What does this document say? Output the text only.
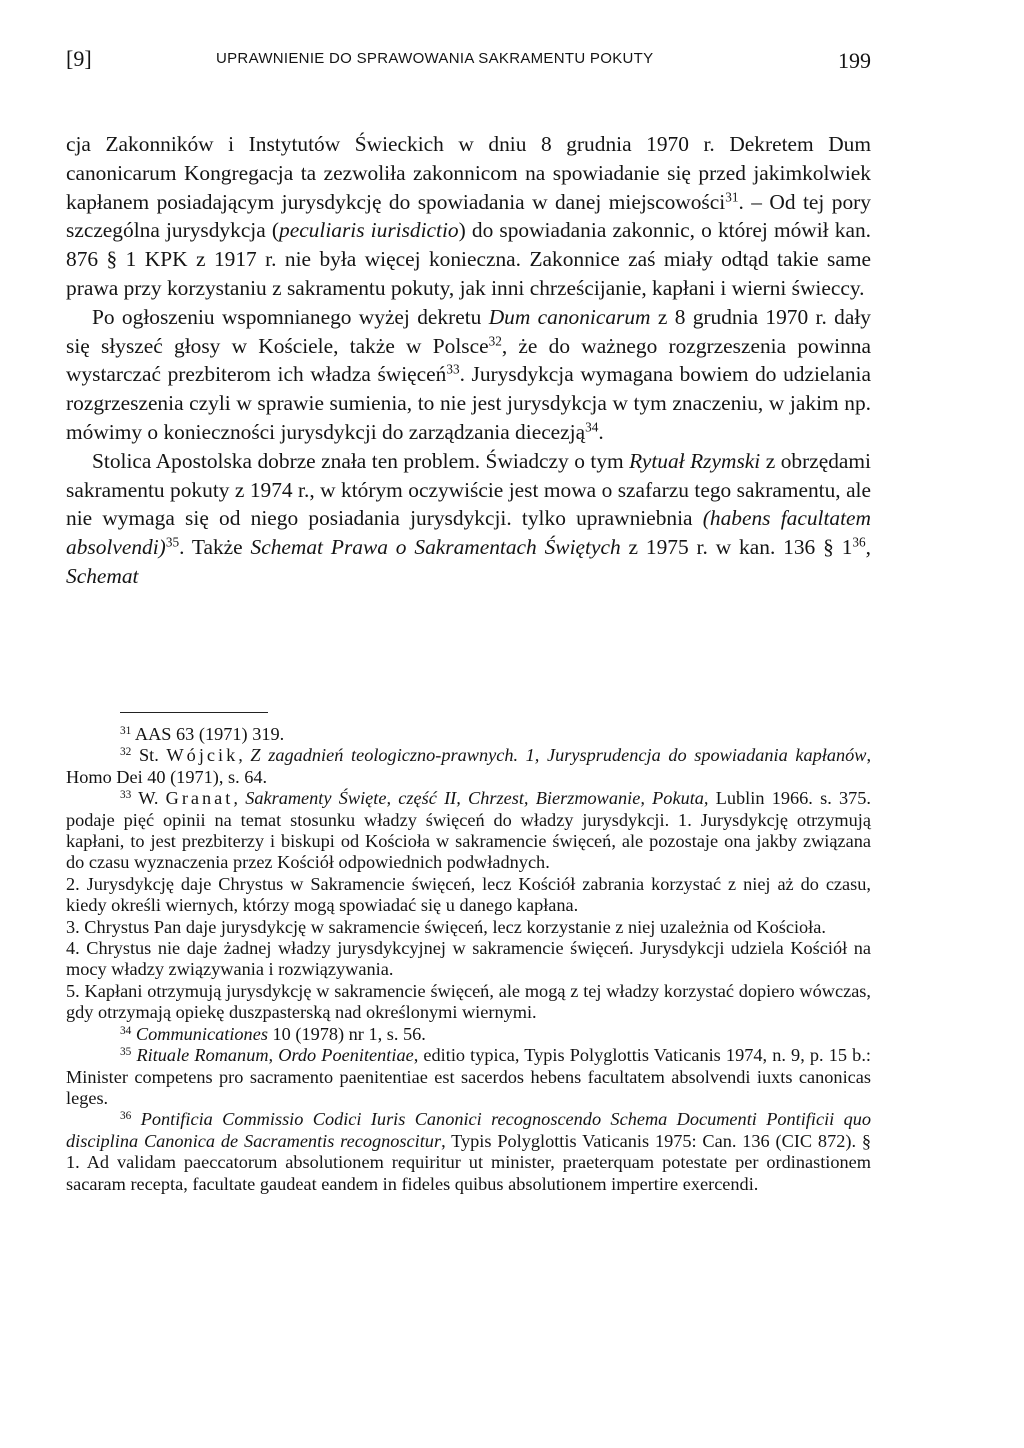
[9]	UPRAWNIENIE DO SPRAWOWANIA SAKRAMENTU POKUTY	199

cja Zakonników i Instytutów Świeckich w dniu 8 grudnia 1970 r. Dekretem Dum canonicarum Kongregacja ta zezwoliła zakonnicom na spowiadanie się przed jakimkolwiek kapłanem posiadającym jurysdykcję do spowiadania w danej miejscowości$^{31}$. – Od tej pory szczególna jurysdykcja (peculiaris iurisdictio) do spowiadania zakonnic, o której mówił kan. 876 § 1 KPK z 1917 r. nie była więcej konieczna. Zakonnice zaś miały odtąd takie same prawa przy korzystaniu z sakramentu pokuty, jak inni chrześcijanie, kapłani i wierni świeccy.

Po ogłoszeniu wspomnianego wyżej dekretu Dum canonicarum z 8 grudnia 1970 r. dały się słyszeć głosy w Kościele, także w Polsce$^{32}$, że do ważnego rozgrzeszenia powinna wystarczać prezbiterom ich władza święceń$^{33}$. Jurysdykcja wymagana bowiem do udzielania rozgrzeszenia czyli w sprawie sumienia, to nie jest jurysdykcja w tym znaczeniu, w jakim np. mówimy o konieczności jurysdykcji do zarządzania diecezją$^{34}$.

Stolica Apostolska dobrze znała ten problem. Świadczy o tym Rytuał Rzymski z obrzędami sakramentu pokuty z 1974 r., w którym oczywiście jest mowa o szafarzu tego sakramentu, ale nie wymaga się od niego posiadania jurysdykcji. tylko uprawniebnia (habens facultatem absolvendi)$^{35}$. Także Schemat Prawa o Sakramentach Świętych z 1975 r. w kan. 136 § $1^{36}$, Schemat

$^{31}$ AAS 63 (1971) 319.

$^{32}$ St. Wójcik, Z zagadnień teologiczno-prawnych. 1, Jurysprudencja do spowiadania kapłanów, Homo Dei 40 (1971), s. 64.

$^{33}$ W. Granat, Sakramenty Święte, część II, Chrzest, Bierzmowanie, Pokuta, Lublin 1966. s. 375. podaje pięć opinii na temat stosunku władzy święceń do władzy jurysdykcji. 1. Jurysdykcję otrzymują kapłani, to jest prezbiterzy i biskupi od Kościoła w sakramencie święceń, ale pozostaje ona jakby związana do czasu wyznaczenia przez Kościół odpowiednich podwładnych.

2. Jurysdykcję daje Chrystus w Sakramencie święceń, lecz Kościół zabrania korzystać z niej aż do czasu, kiedy określi wiernych, którzy mogą spowiadać się u danego kapłana.

3. Chrystus Pan daje jurysdykcję w sakramencie święceń, lecz korzystanie z niej uzależnia od Kościoła.

4. Chrystus nie daje żadnej władzy jurysdykcyjnej w sakramencie święceń. Jurysdykcji udziela Kościół na mocy władzy związywania i rozwiązywania.

5. Kapłani otrzymują jurysdykcję w sakramencie święceń, ale mogą z tej władzy korzystać dopiero wówczas, gdy otrzymają opiekę duszpasterską nad określonymi wiernymi.

$^{34}$ Communicationes 10 (1978) nr 1, s. 56.

$^{35}$ Rituale Romanum, Ordo Poenitentiae, editio typica, Typis Polyglottis Vaticanis 1974, n. 9, p. 15 b.: Minister competens pro sacramento paenitentiae est sacerdos hebens facultatem absolvendi iuxts canonicas leges.

$^{36}$ Pontificia Commissio Codici Iuris Canonici recognoscendo Schema Documenti Pontificii quo disciplina Canonica de Sacramentis recognoscitur, Typis Polyglottis Vaticanis 1975: Can. 136 (CIC 872). § 1. Ad validam paeccatorum absolutionem requiritur ut minister, praeterquam potestate per ordinastionem sacaram recepta, facultate gaudeat eandem in fideles quibus absolutionem impertire exercendi.
